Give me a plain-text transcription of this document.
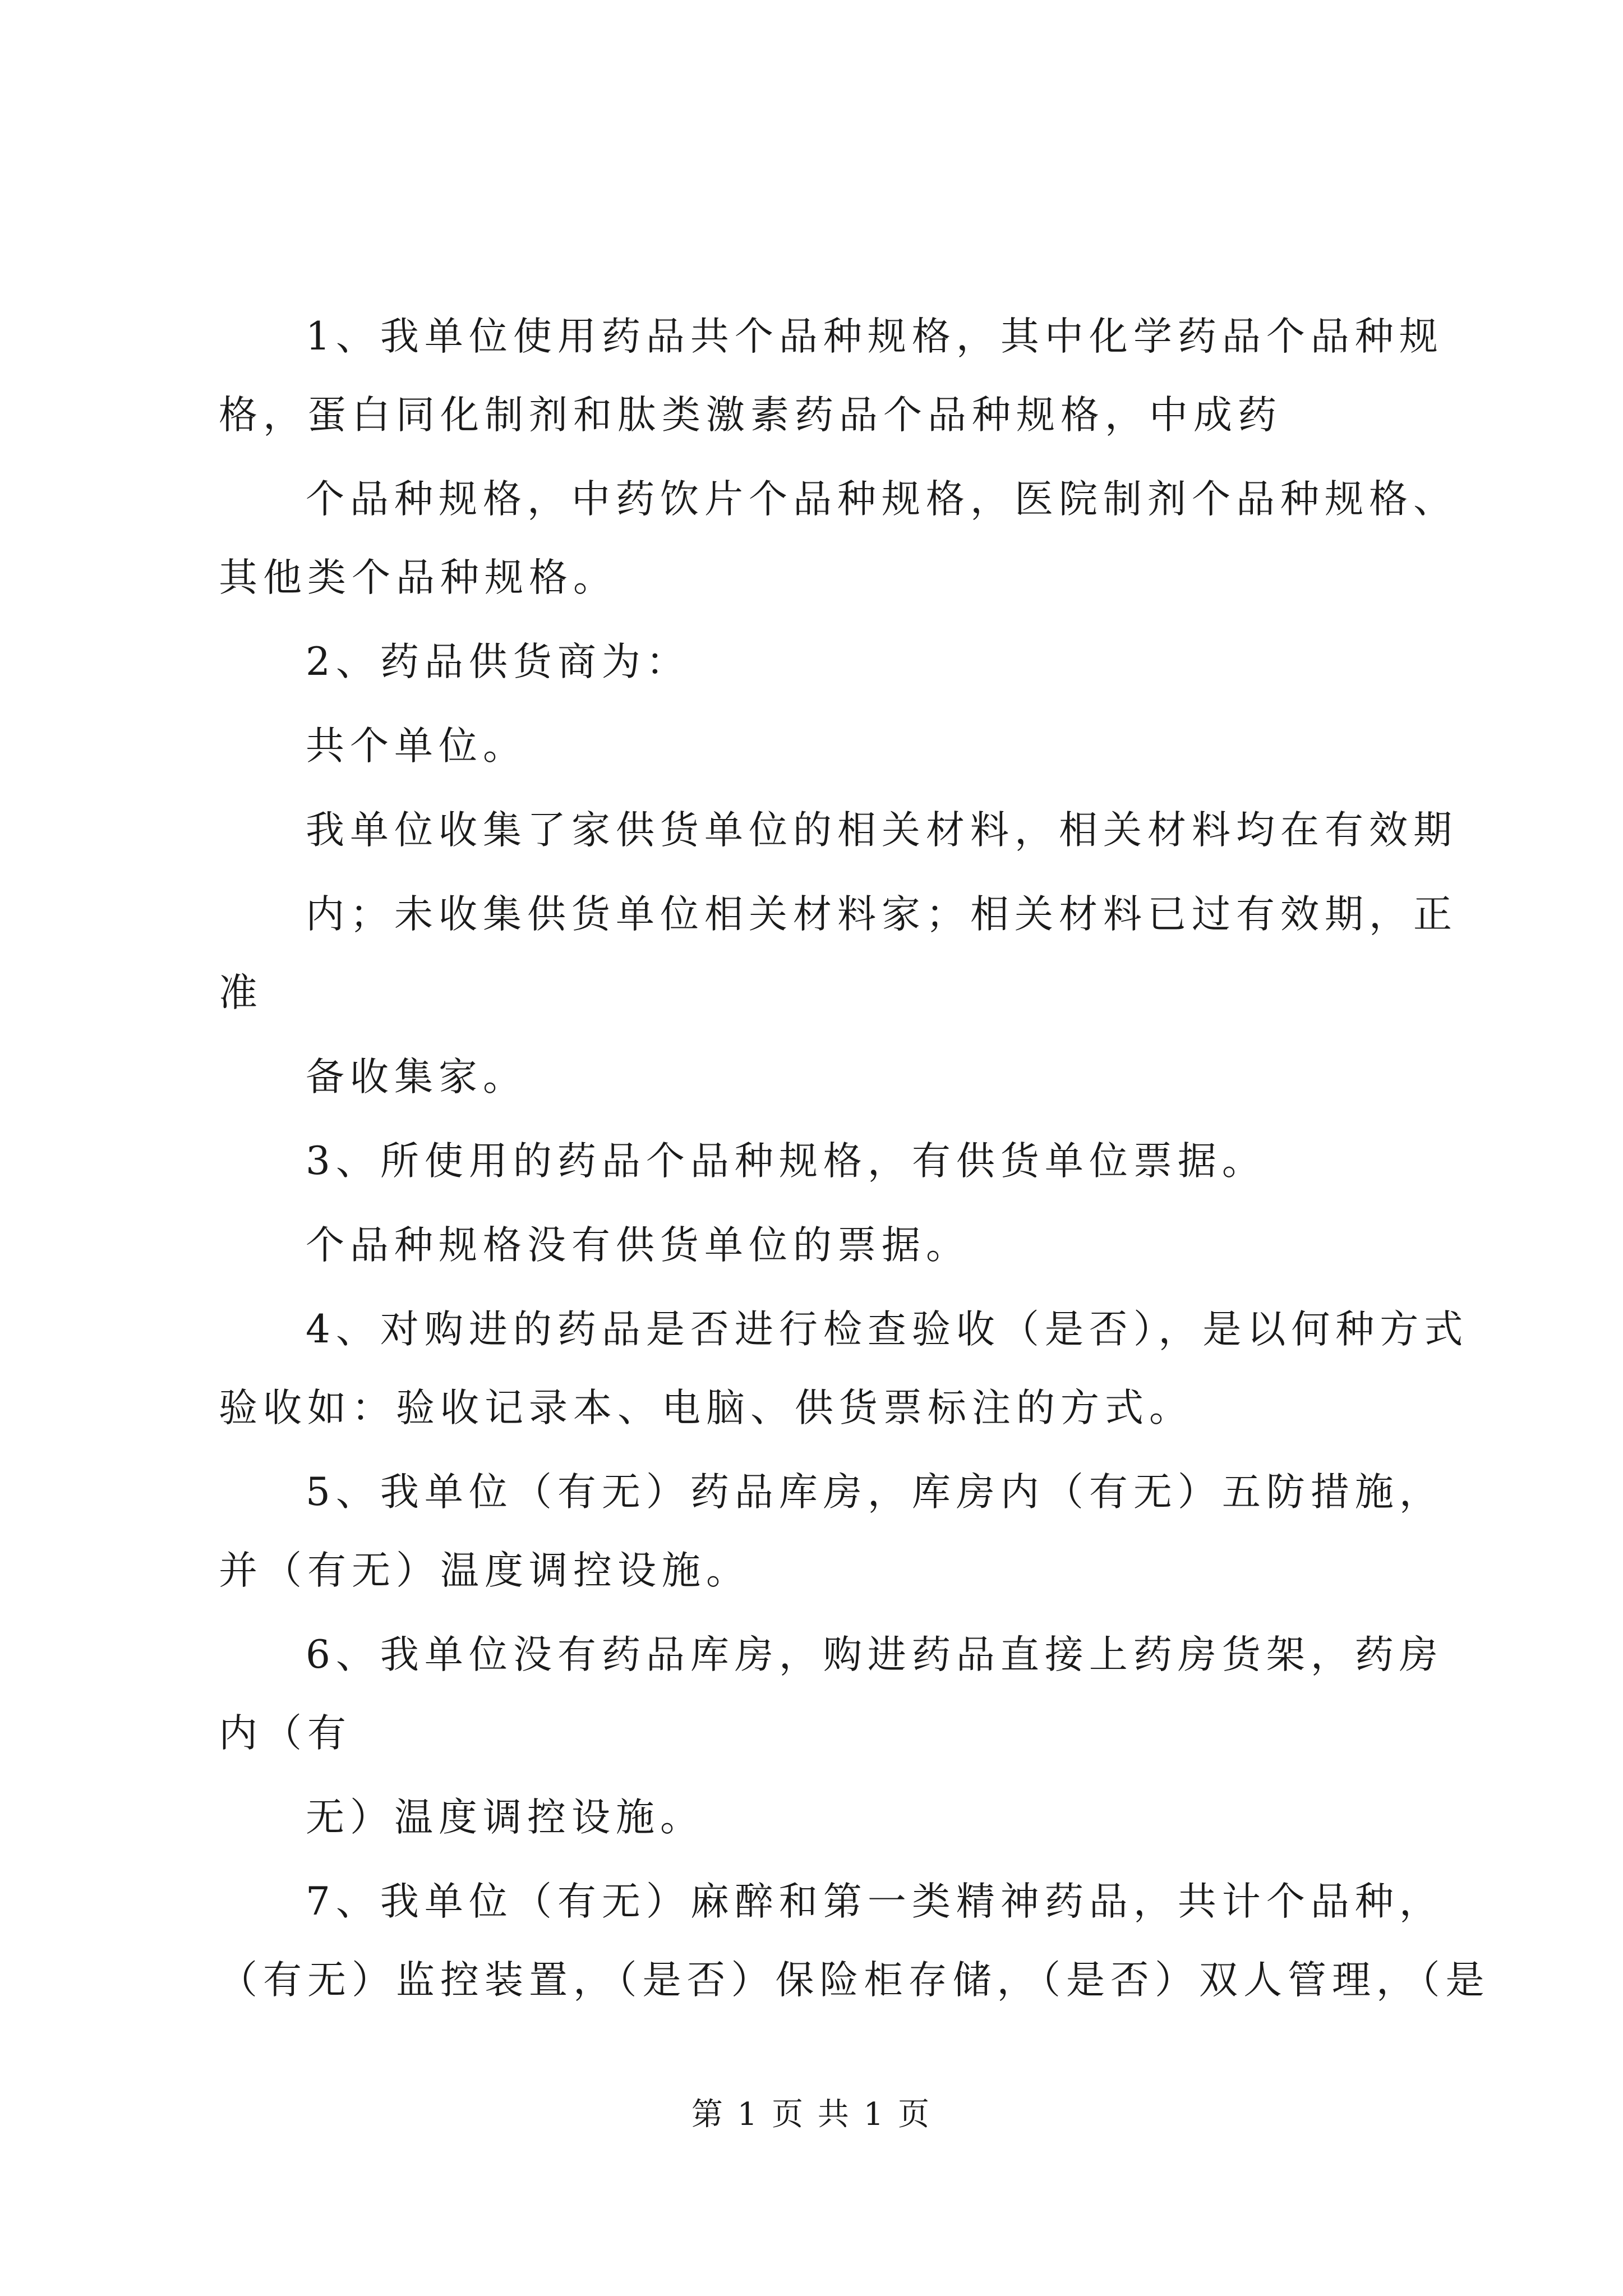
1、我单位使用药品共个品种规格，其中化学药品个品种规
格，蛋白同化制剂和肽类激素药品个品种规格，中成药
个品种规格，中药饮片个品种规格，医院制剂个品种规格、
其他类个品种规格。
2、药品供货商为：
共个单位。
我单位收集了家供货单位的相关材料，相关材料均在有效期
内；未收集供货单位相关材料家；相关材料已过有效期，正
准
备收集家。
3、所使用的药品个品种规格，有供货单位票据。
个品种规格没有供货单位的票据。
4、对购进的药品是否进行检查验收（是否），是以何种方式
验收如：验收记录本、电脑、供货票标注的方式。
5、我单位（有无）药品库房，库房内（有无）五防措施，
并（有无）温度调控设施。
6、我单位没有药品库房，购进药品直接上药房货架，药房
内（有
无）温度调控设施。
7、我单位（有无）麻醉和第一类精神药品，共计个品种，
（有无）监控装置，（是否）保险柜存储，（是否）双人管理，（是
第 1 页 共 1 页
